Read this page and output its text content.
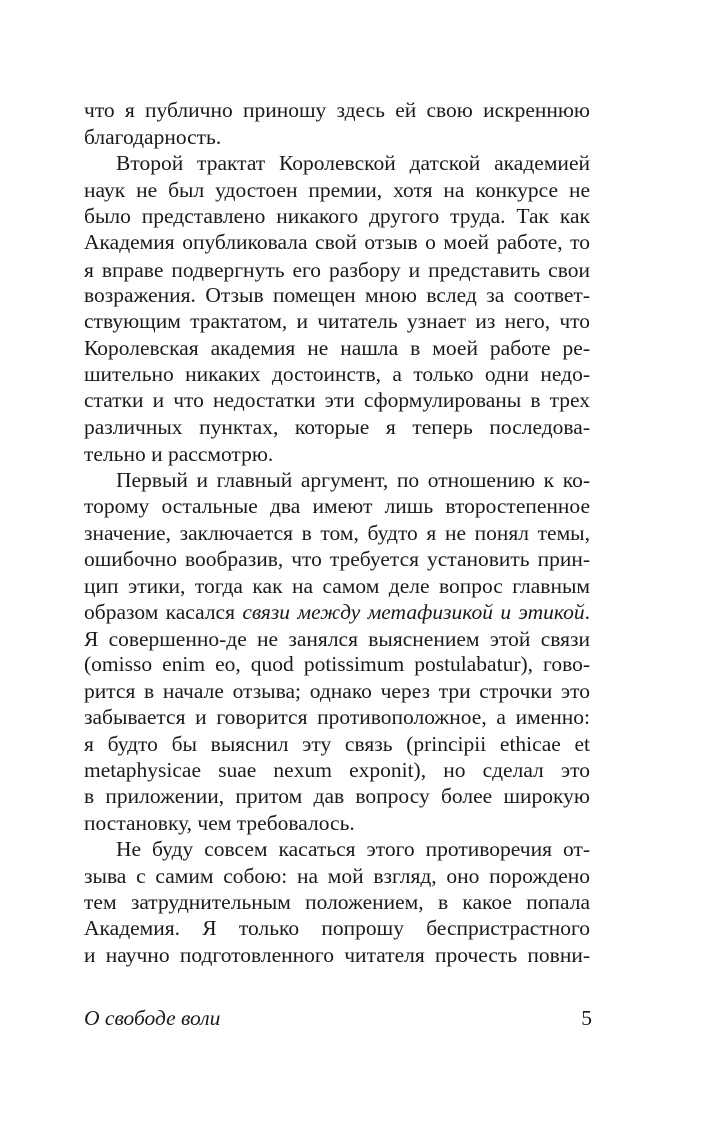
что я публично приношу здесь ей свою искреннюю
благодарность.
Второй трактат Королевской датской академией
наук не был удостоен премии, хотя на конкурсе не
было представлено никакого другого труда. Так как
Академия опубликовала свой отзыв о моей работе, то
я вправе подвергнуть его разбору и представить свои
возражения. Отзыв помещен мною вслед за соответ-
ствующим трактатом, и читатель узнает из него, что
Королевская академия не нашла в моей работе ре-
шительно никаких достоинств, а только одни недо-
статки и что недостатки эти сформулированы в трех
различных пунктах, которые я теперь последова-
тельно и рассмотрю.
Первый и главный аргумент, по отношению к ко-
торому остальные два имеют лишь второстепенное
значение, заключается в том, будто я не понял темы,
ошибочно вообразив, что требуется установить прин-
цип этики, тогда как на самом деле вопрос главным
образом касался связи между метафизикой и этикой.
Я совершенно-де не занялся выяснением этой связи
(omisso enim eo, quod potissimum postulabatur), гово-
рится в начале отзыва; однако через три строчки это
забывается и говорится противоположное, а именно:
я будто бы выяснил эту связь (principii ethicae et
metaphysicae suae nexum exponit), но сделал это
в приложении, притом дав вопросу более широкую
постановку, чем требовалось.
Не буду совсем касаться этого противоречия от-
зыва с самим собою: на мой взгляд, оно порождено
тем затруднительным положением, в какое попала
Академия. Я только попрошу беспристрастного
и научно подготовленного читателя прочесть повни-
О свободе воли	5
